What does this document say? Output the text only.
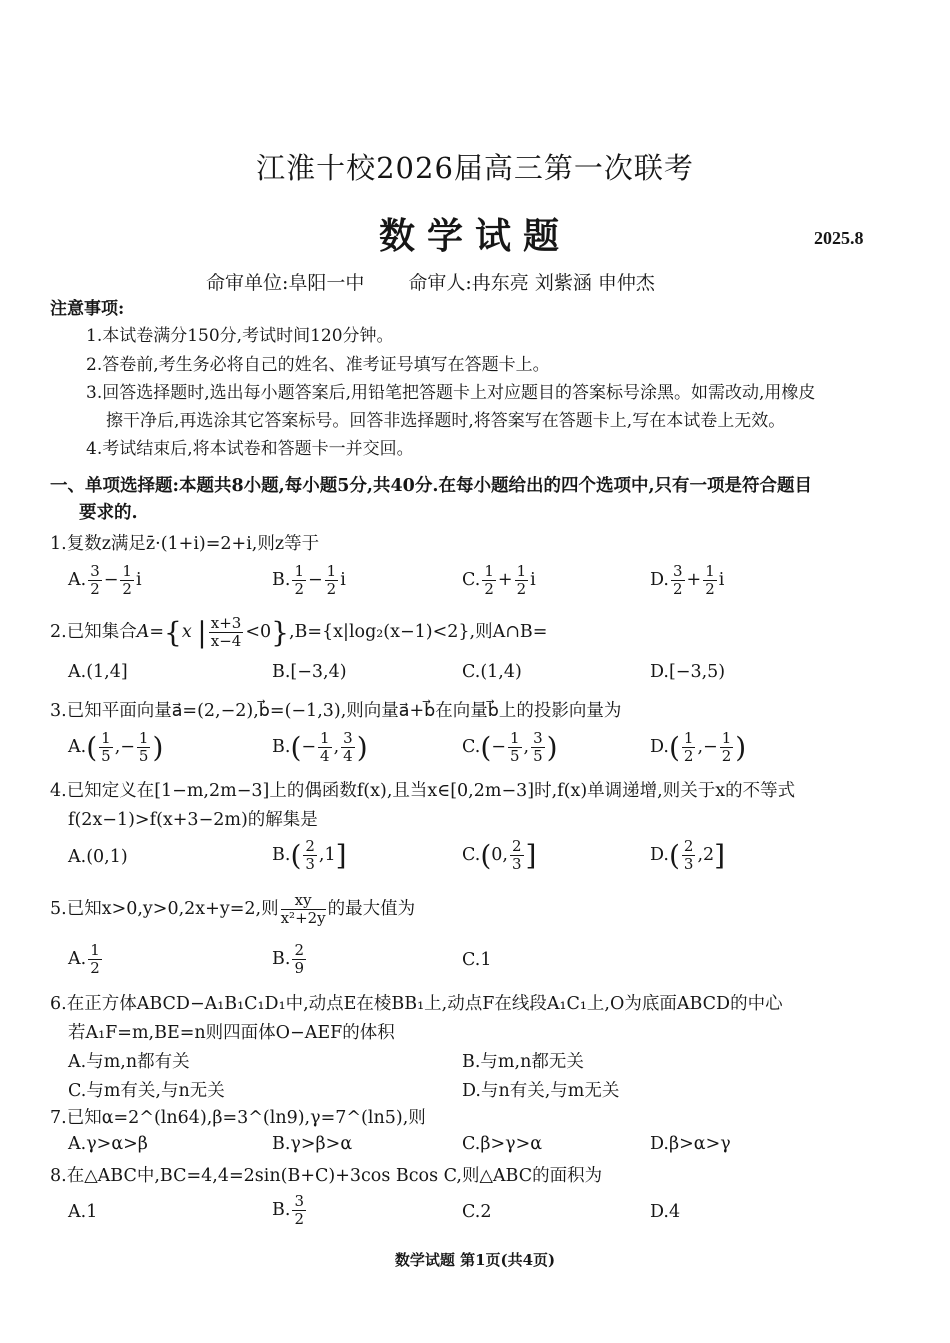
江淮十校2026届高三第一次联考
数学试题	2025.8
命审单位:阜阳一中 命审人:冉东亮 刘紫涵 申仲杰
注意事项:
1.本试卷满分150分,考试时间120分钟。
2.答卷前,考生务必将自己的姓名、准考证号填写在答题卡上。
3.回答选择题时,选出每小题答案后,用铅笔把答题卡上对应题目的答案标号涂黑。如需改动,用橡皮
擦干净后,再选涂其它答案标号。回答非选择题时,将答案写在答题卡上,写在本试卷上无效。
4.考试结束后,将本试卷和答题卡一并交回。
一、单项选择题:本题共8小题,每小题5分,共40分.在每小题给出的四个选项中,只有一项是符合题目
要求的.
1.复数z满足z̄·(1+i)=2+i,则z等于
A. $\frac{3}{2} - \frac{1}{2}$ i	B. $\frac{1}{2} - \frac{1}{2}$ i	C. $\frac{1}{2} + \frac{1}{2}$ i	D. $\frac{3}{2} + \frac{1}{2}$ i
2.已知集合A={x | $\frac{x+3}{x-4} <0\},B=\{x|\log_2(x-1)<2\}$,则A∩B=
A.(1,4]	B.[−3,4)	C.(1,4)	D.[−3,5)
3.已知平面向量a⃗=(2,−2),b⃗=(−1,3),则向量a⃗+b⃗在向量b⃗上的投影向量为
$A.( \frac{1}{5}$ ,− $\frac{1}{5}$ )	$B.(- \frac{1}{4}$ , $\frac{3}{4}$ )	$C.(- \frac{1}{5}$ , $\frac{3}{5}$ )	$D.( \frac{1}{2}$ ,− $\frac{1}{2}$ )
4.已知定义在[1−m,2m−3]上的偶函数f(x),且当x∈[0,2m−3]时,f(x)单调递增,则关于x的不等式
f(2x−1)>f(x+3−2m)的解集是
A.(0,1)	$B.( \frac{2}{3} ,1]$	C.(0, $\frac{2}{3}$ ]	$D.( \frac{2}{3} ,2]$
5.已知x>0,y>0,2x+y=2,则 $\frac{xy}{\text{x²+2y}}$ 的最大值为
A. $\frac{1}{2}$	B. $\frac{2}{9}$	C.1
6.在正方体ABCD−A₁B₁C₁D₁中,动点E在棱BB₁上,动点F在线段A₁C₁上,O为底面ABCD的中心
若A₁F=m,BE=n则四面体O−AEF的体积
A.与m,n都有关	B.与m,n都无关
C.与m有关,与n无关	D.与n有关,与m无关
7.已知α=2^(ln64),β=3^(ln9),γ=7^(ln5),则
A.γ>α>β	B.γ>β>α	C.β>γ>α	D.β>α>γ
8.在△ABC中,BC=4,4=2sin(B+C)+3cos Bcos C,则△ABC的面积为
A.1	B. $\frac{3}{2}$	C.2	D.4
数学试题 第1页(共4页)
